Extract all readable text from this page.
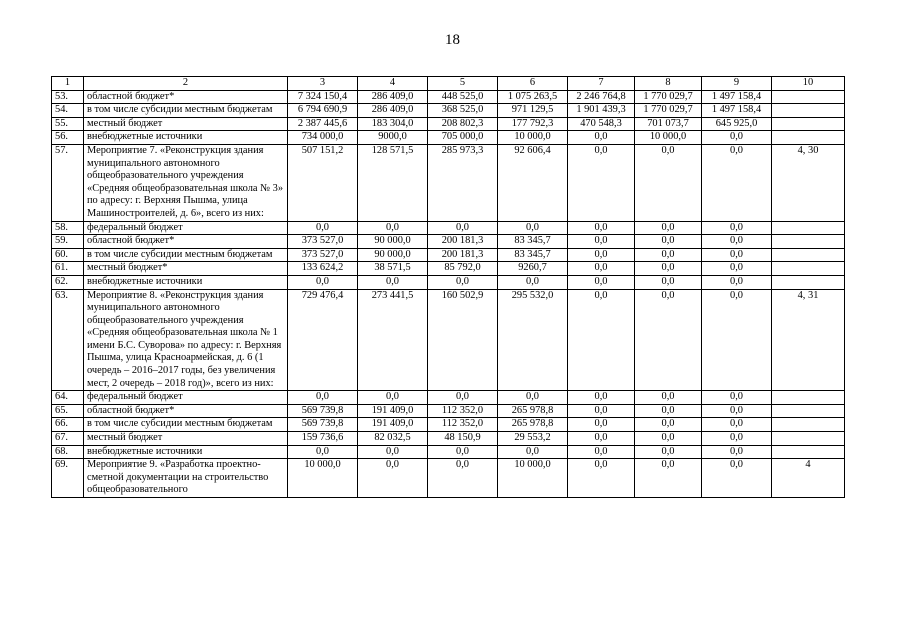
18
1	2	3	4	5	6	7	8	9	10
53.	областной бюджет*	7 324 150,4	286 409,0	448 525,0	1 075 263,5	2 246 764,8	1 770 029,7	1 497 158,4	
54.	в том числе субсидии местным бюджетам	6 794 690,9	286 409,0	368 525,0	971 129,5	1 901 439,3	1 770 029,7	1 497 158,4	
55.	местный бюджет	2 387 445,6	183 304,0	208 802,3	177 792,3	470 548,3	701 073,7	645 925,0	
56.	внебюджетные источники	734 000,0	9000,0	705 000,0	10 000,0	0,0	10 000,0	0,0	
57.	Мероприятие 7. «Реконструкция здания муниципального автономного общеобразовательного учреждения «Средняя общеобразовательная школа № 3» по адресу: г. Верхняя Пышма, улица Машиностроителей, д. 6», всего из них:	507 151,2	128 571,5	285 973,3	92 606,4	0,0	0,0	0,0	4, 30
58.	федеральный бюджет	0,0	0,0	0,0	0,0	0,0	0,0	0,0	
59.	областной бюджет*	373 527,0	90 000,0	200 181,3	83 345,7	0,0	0,0	0,0	
60.	в том числе субсидии местным бюджетам	373 527,0	90 000,0	200 181,3	83 345,7	0,0	0,0	0,0	
61.	местный бюджет*	133 624,2	38 571,5	85 792,0	9260,7	0,0	0,0	0,0	
62.	внебюджетные источники	0,0	0,0	0,0	0,0	0,0	0,0	0,0	
63.	Мероприятие 8. «Реконструкция здания муниципального автономного общеобразовательного учреждения «Средняя общеобразовательная школа № 1 имени Б.С. Суворова» по адресу: г. Верхняя Пышма, улица Красноармейская, д. 6 (1 очередь – 2016–2017 годы, без увеличения мест, 2 очередь – 2018 год)», всего из них:	729 476,4	273 441,5	160 502,9	295 532,0	0,0	0,0	0,0	4, 31
64.	федеральный бюджет	0,0	0,0	0,0	0,0	0,0	0,0	0,0	
65.	областной бюджет*	569 739,8	191 409,0	112 352,0	265 978,8	0,0	0,0	0,0	
66.	в том числе субсидии местным бюджетам	569 739,8	191 409,0	112 352,0	265 978,8	0,0	0,0	0,0	
67.	местный бюджет	159 736,6	82 032,5	48 150,9	29 553,2	0,0	0,0	0,0	
68.	внебюджетные источники	0,0	0,0	0,0	0,0	0,0	0,0	0,0	
69.	Мероприятие 9. «Разработка проектно-сметной документации на строительство общеобразовательного	10 000,0	0,0	0,0	10 000,0	0,0	0,0	0,0	4
